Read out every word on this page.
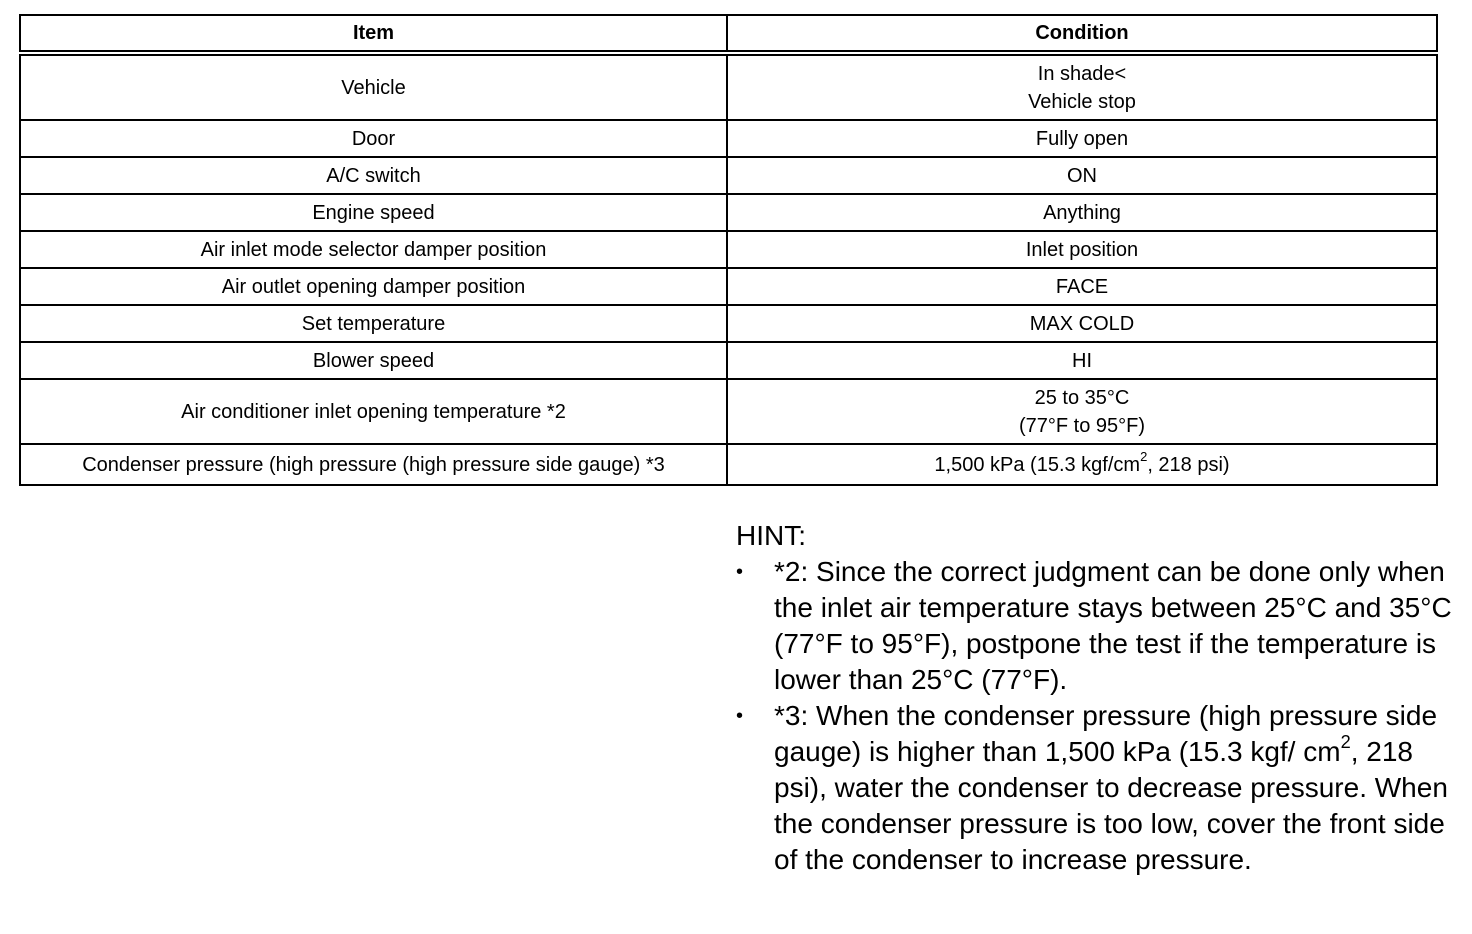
Item	Condition
Vehicle	In shade<
Vehicle stop

Door	Fully open
A/C switch	ON
Engine speed	Anything
Air inlet mode selector damper position	Inlet position
Air outlet opening damper position	FACE
Set temperature	MAX COLD
Blower speed	HI
Air conditioner inlet opening temperature *2	25 to 35°C
(77°F to 95°F)

Condenser pressure (high pressure (high pressure side gauge) *3	1,500 kPa (15.3 kgf/$cm^2$, 218 psi)
HINT:
• *2: Since the correct judgment can be done only when the inlet air temperature stays between 25°C and 35°C (77°F to 95°F), postpone the test if the temperature is lower than 25°C (77°F).
• *3: When the condenser pressure (high pressure side gauge) is higher than 1,500 kPa (15.3 kgf/ $cm^2$, 218 psi), water the condenser to decrease pressure. When the condenser pressure is too low, cover the front side of the condenser to increase pressure.
